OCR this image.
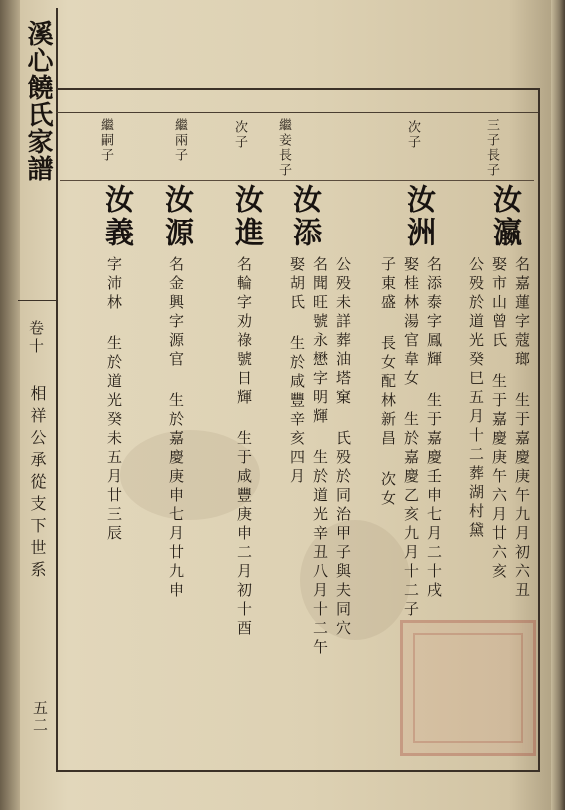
溪心饒氏家譜
卷十
相祥公承從支下世系
五二
三子長子
汝瀛
名嘉蓮字蔻瑯 生于嘉慶庚午九月初六丑
娶市山曾氏 生于嘉慶庚午六月廿六亥
公殁於道光癸巳五月十二葬湖村黛
次子
汝洲
名添泰字鳳輝 生于嘉慶壬申七月二十戌
娶桂林湯官韋女 生於嘉慶乙亥九月十二子
子東盛 長女配林新昌 次女
繼妾長子
汝添
公殁未詳葬油塔窠 氏殁於同治甲子與夫同穴
名聞旺號永懋字明輝 生於道光辛丑八月十二午
娶胡氏 生於咸豐辛亥四月
次子
汝進
名輪字劝祿號日輝 生于咸豐庚申二月初十酉
繼兩子
汝源
名金興字源官 生於嘉慶庚申七月廿九申
繼嗣子
汝義
字沛林 生於道光癸未五月廿三辰
